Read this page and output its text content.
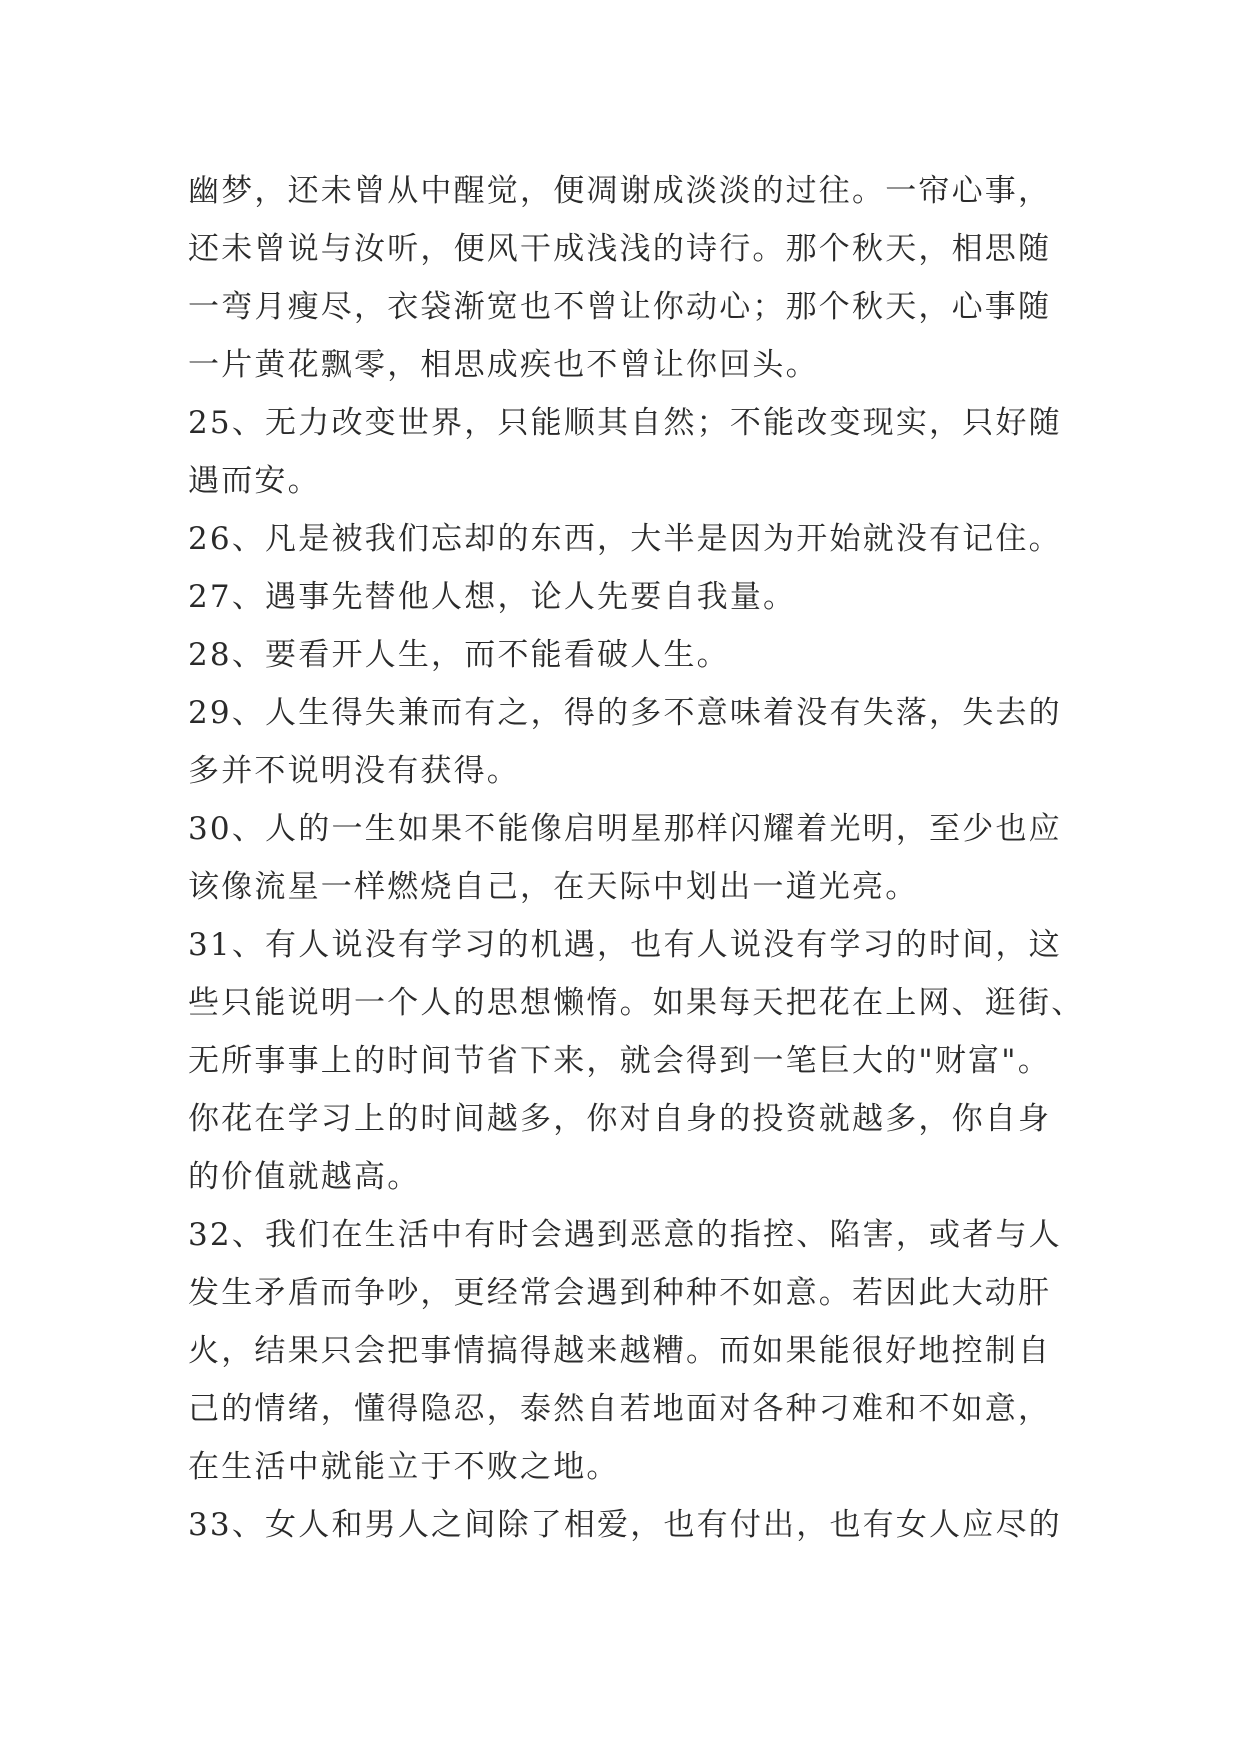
幽梦，还未曾从中醒觉，便凋谢成淡淡的过往。一帘心事，
还未曾说与汝听，便风干成浅浅的诗行。那个秋天，相思随
一弯月瘦尽，衣袋渐宽也不曾让你动心；那个秋天，心事随
一片黄花飘零，相思成疾也不曾让你回头。
25、无力改变世界，只能顺其自然；不能改变现实，只好随
遇而安。
26、凡是被我们忘却的东西，大半是因为开始就没有记住。
27、遇事先替他人想，论人先要自我量。
28、要看开人生，而不能看破人生。
29、人生得失兼而有之，得的多不意味着没有失落，失去的
多并不说明没有获得。
30、人的一生如果不能像启明星那样闪耀着光明，至少也应
该像流星一样燃烧自己，在天际中划出一道光亮。
31、有人说没有学习的机遇，也有人说没有学习的时间，这
些只能说明一个人的思想懒惰。如果每天把花在上网、逛街、
无所事事上的时间节省下来，就会得到一笔巨大的"财富"。
你花在学习上的时间越多，你对自身的投资就越多，你自身
的价值就越高。
32、我们在生活中有时会遇到恶意的指控、陷害，或者与人
发生矛盾而争吵，更经常会遇到种种不如意。若因此大动肝
火，结果只会把事情搞得越来越糟。而如果能很好地控制自
己的情绪，懂得隐忍，泰然自若地面对各种刁难和不如意，
在生活中就能立于不败之地。
33、女人和男人之间除了相爱，也有付出，也有女人应尽的
